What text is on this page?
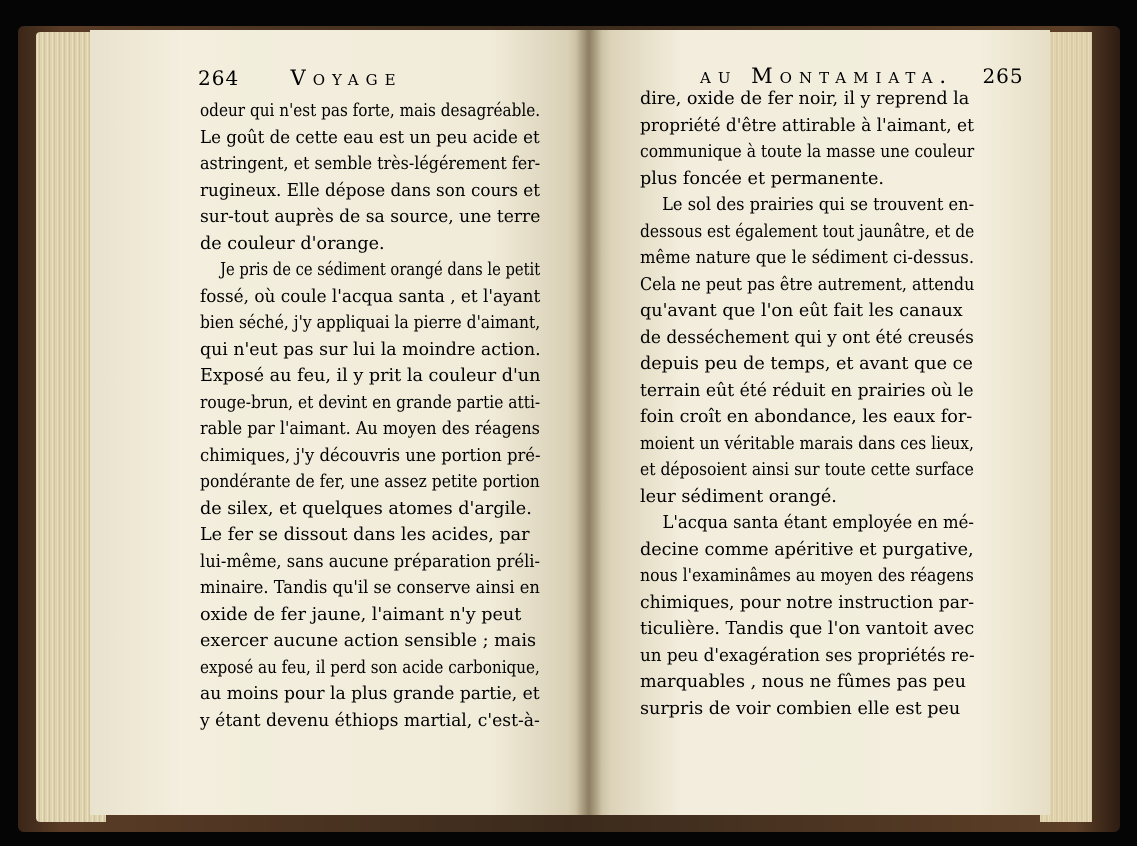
264 Voyage	au Montamiata. 265
odeur qui n'est pas forte, mais desagréable.
Le goût de cette eau est un peu acide et
astringent, et semble très-légérement fer-
rugineux. Elle dépose dans son cours et
sur-tout auprès de sa source, une terre
de couleur d'orange.
Je pris de ce sédiment orangé dans le petit
fossé, où coule l'acqua santa , et l'ayant
bien séché, j'y appliquai la pierre d'aimant,
qui n'eut pas sur lui la moindre action.
Exposé au feu, il y prit la couleur d'un
rouge-brun, et devint en grande partie atti-
rable par l'aimant. Au moyen des réagens
chimiques, j'y découvris une portion pré-
pondérante de fer, une assez petite portion
de silex, et quelques atomes d'argile.
Le fer se dissout dans les acides, par
lui-même, sans aucune préparation préli-
minaire. Tandis qu'il se conserve ainsi en
oxide de fer jaune, l'aimant n'y peut
exercer aucune action sensible ; mais
exposé au feu, il perd son acide carbonique,
au moins pour la plus grande partie, et
y étant devenu éthiops martial, c'est-à-
dire, oxide de fer noir, il y reprend la
propriété d'être attirable à l'aimant, et
communique à toute la masse une couleur
plus foncée et permanente.
Le sol des prairies qui se trouvent en-
dessous est également tout jaunâtre, et de
même nature que le sédiment ci-dessus.
Cela ne peut pas être autrement, attendu
qu'avant que l'on eût fait les canaux
de desséchement qui y ont été creusés
depuis peu de temps, et avant que ce
terrain eût été réduit en prairies où le
foin croît en abondance, les eaux for-
moient un véritable marais dans ces lieux,
et déposoient ainsi sur toute cette surface
leur sédiment orangé.
L'acqua santa étant employée en mé-
decine comme apéritive et purgative,
nous l'examinâmes au moyen des réagens
chimiques, pour notre instruction par-
ticulière. Tandis que l'on vantoit avec
un peu d'exagération ses propriétés re-
marquables , nous ne fûmes pas peu
surpris de voir combien elle est peu
